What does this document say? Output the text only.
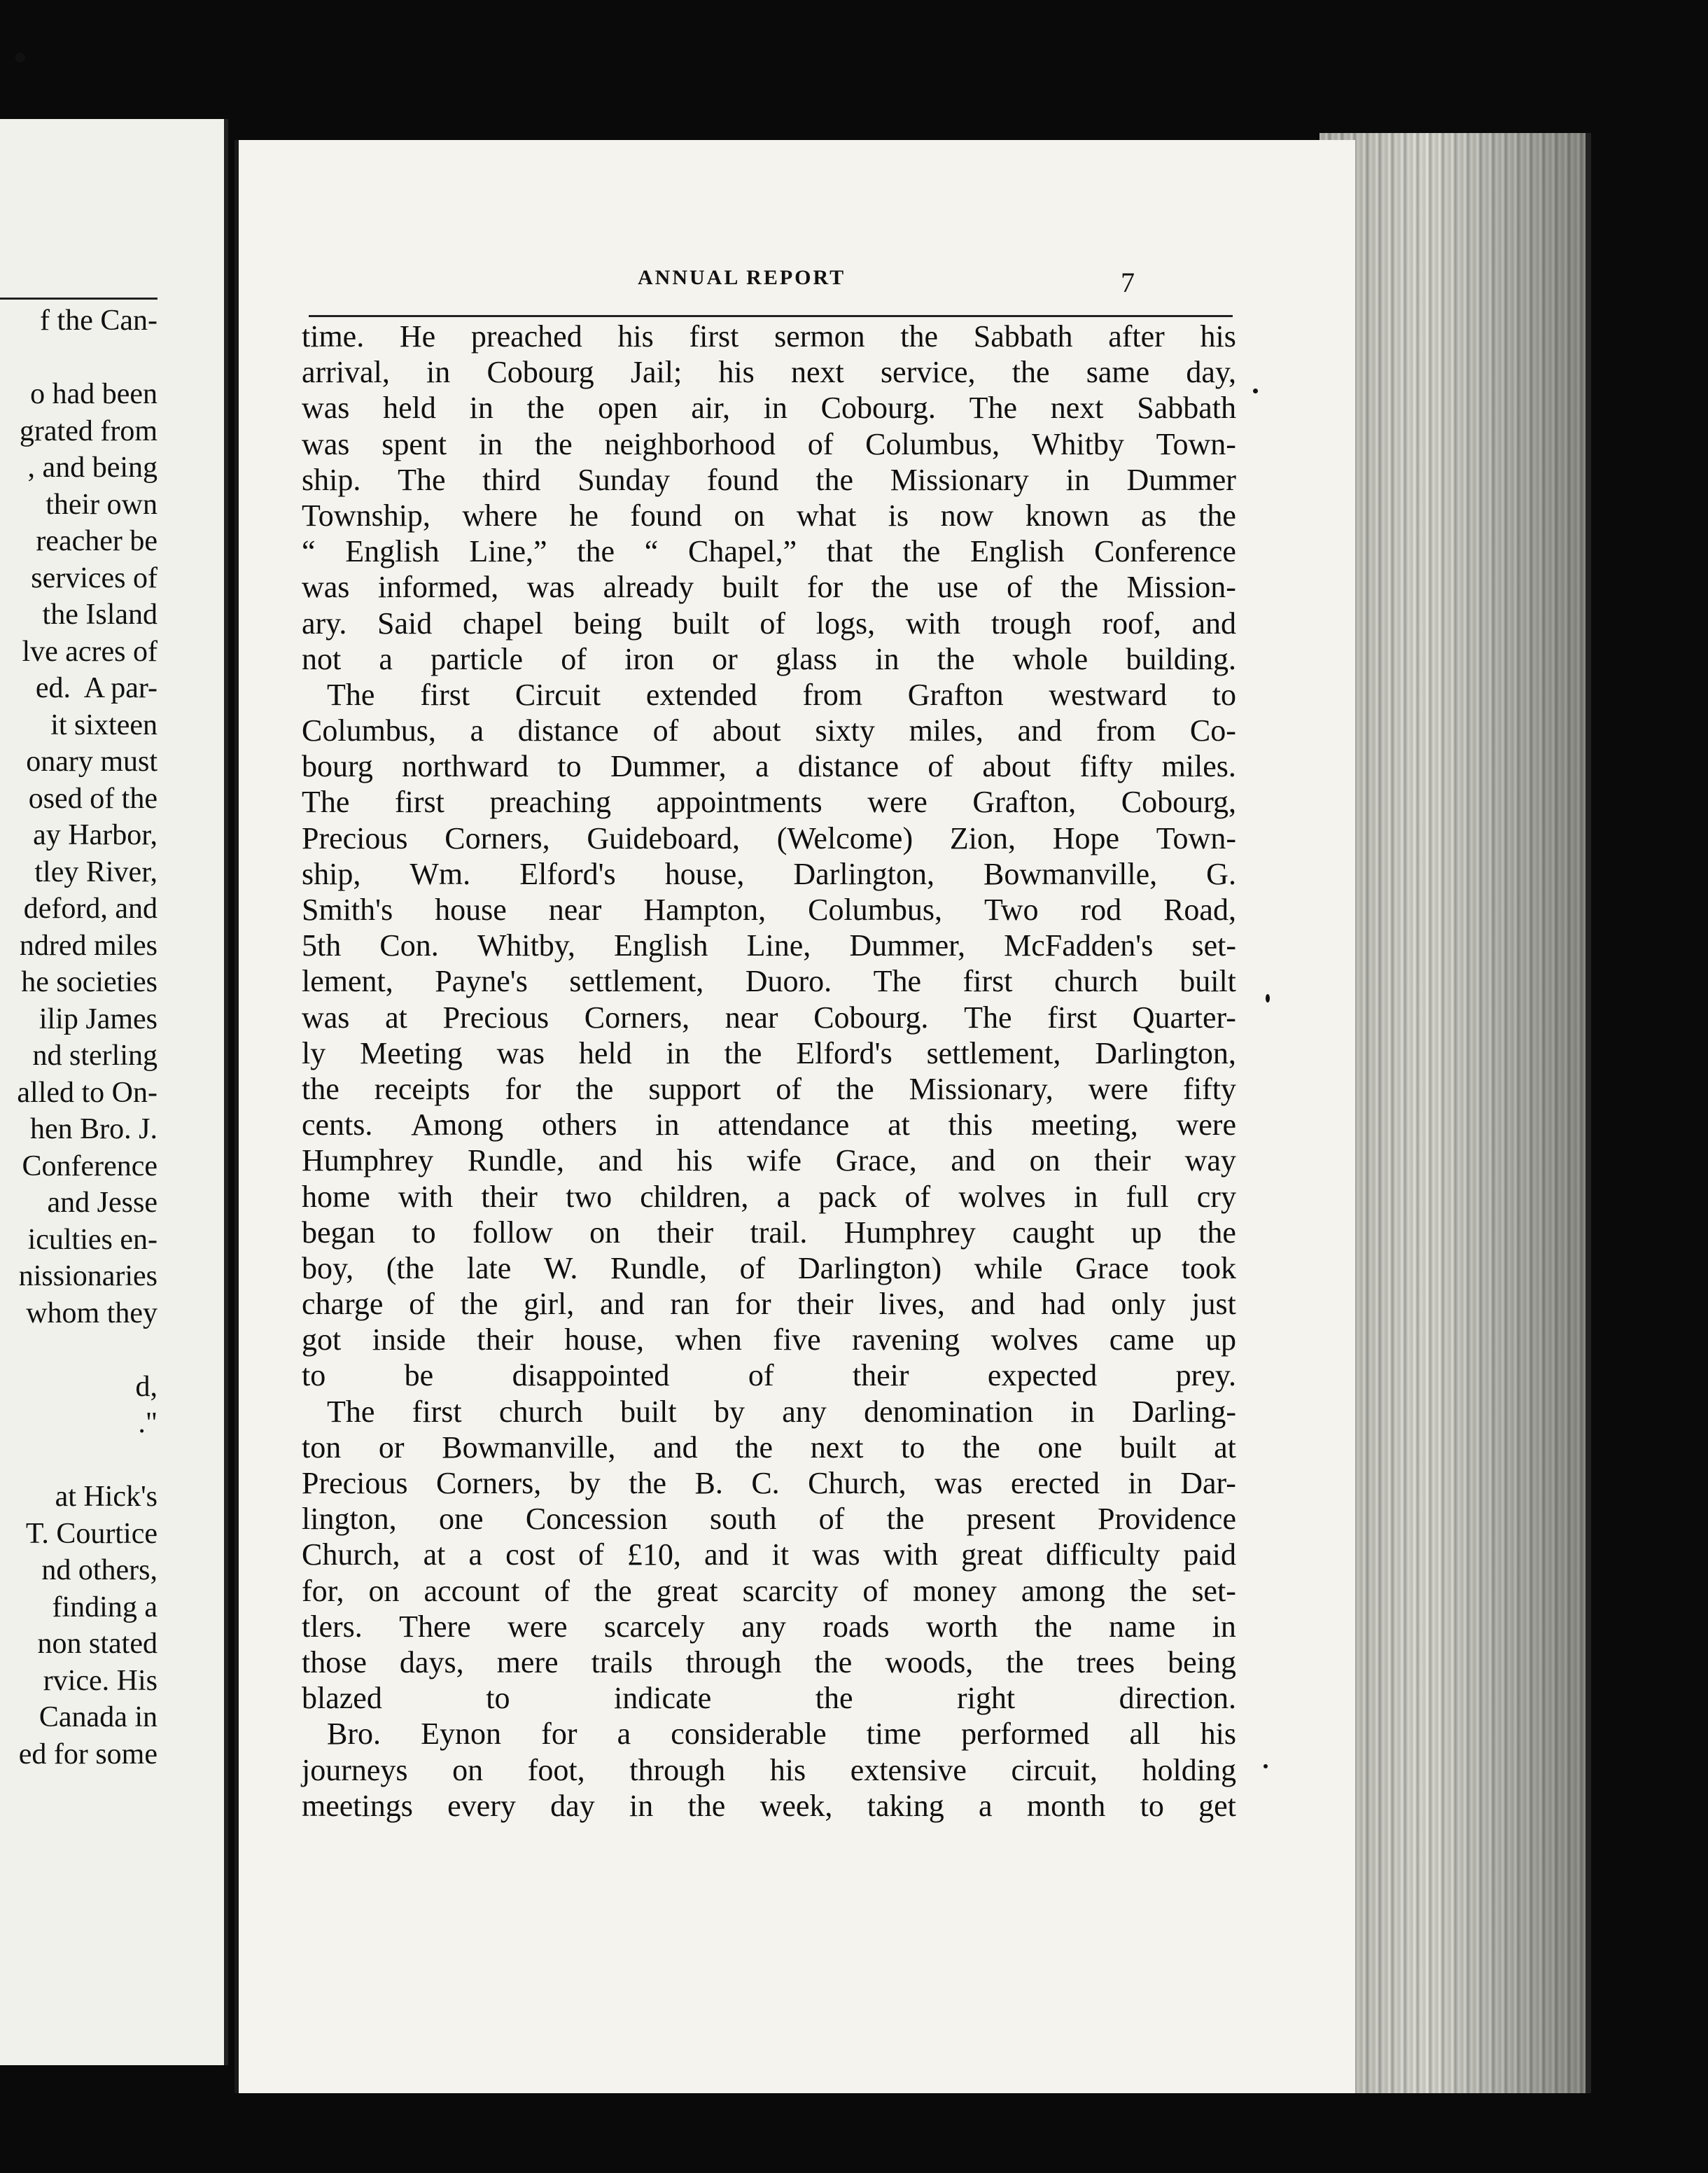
f the Can-
o had been
grated from
, and being
their own
reacher be
services of
the Island
lve acres of
ed.  A par-
it sixteen
onary must
osed of the
ay Harbor,
tley River,
deford, and
ndred miles
he societies
ilip James
nd sterling
alled to On-
hen Bro. J.
Conference
and Jesse
iculties en-
nissionaries
whom they
d,
."
at Hick's
T. Courtice
nd others,
finding a
non stated
rvice. His
Canada in
ed for some
ANNUAL REPORT	7
time. He preached his first sermon the Sabbath after his
arrival, in Cobourg Jail; his next service, the same day,
was held in the open air, in Cobourg. The next Sabbath
was spent in the neighborhood of Columbus, Whitby Town-
ship. The third Sunday found the Missionary in Dummer
Township, where he found on what is now known as the
“ English Line,” the “ Chapel,” that the English Conference
was informed, was already built for the use of the Mission-
ary. Said chapel being built of logs, with trough roof, and
not a particle of iron or glass in the whole building.
The first Circuit extended from Grafton westward to
Columbus, a distance of about sixty miles, and from Co-
bourg northward to Dummer, a distance of about fifty miles.
The first preaching appointments were Grafton, Cobourg,
Precious Corners, Guideboard, (Welcome) Zion, Hope Town-
ship, Wm. Elford's house, Darlington, Bowmanville, G.
Smith's house near Hampton, Columbus, Two rod Road,
5th Con. Whitby, English Line, Dummer, McFadden's set-
lement, Payne's settlement, Duoro. The first church built
was at Precious Corners, near Cobourg. The first Quarter-
ly Meeting was held in the Elford's settlement, Darlington,
the receipts for the support of the Missionary, were fifty
cents. Among others in attendance at this meeting, were
Humphrey Rundle, and his wife Grace, and on their way
home with their two children, a pack of wolves in full cry
began to follow on their trail. Humphrey caught up the
boy, (the late W. Rundle, of Darlington) while Grace took
charge of the girl, and ran for their lives, and had only just
got inside their house, when five ravening wolves came up
to be disappointed of their expected prey.
The first church built by any denomination in Darling-
ton or Bowmanville, and the next to the one built at
Precious Corners, by the B. C. Church, was erected in Dar-
lington, one Concession south of the present Providence
Church, at a cost of £10, and it was with great difficulty paid
for, on account of the great scarcity of money among the set-
tlers. There were scarcely any roads worth the name in
those days, mere trails through the woods, the trees being
blazed to indicate the right direction.
Bro. Eynon for a considerable time performed all his
journeys on foot, through his extensive circuit, holding
meetings every day in the week, taking a month to get
